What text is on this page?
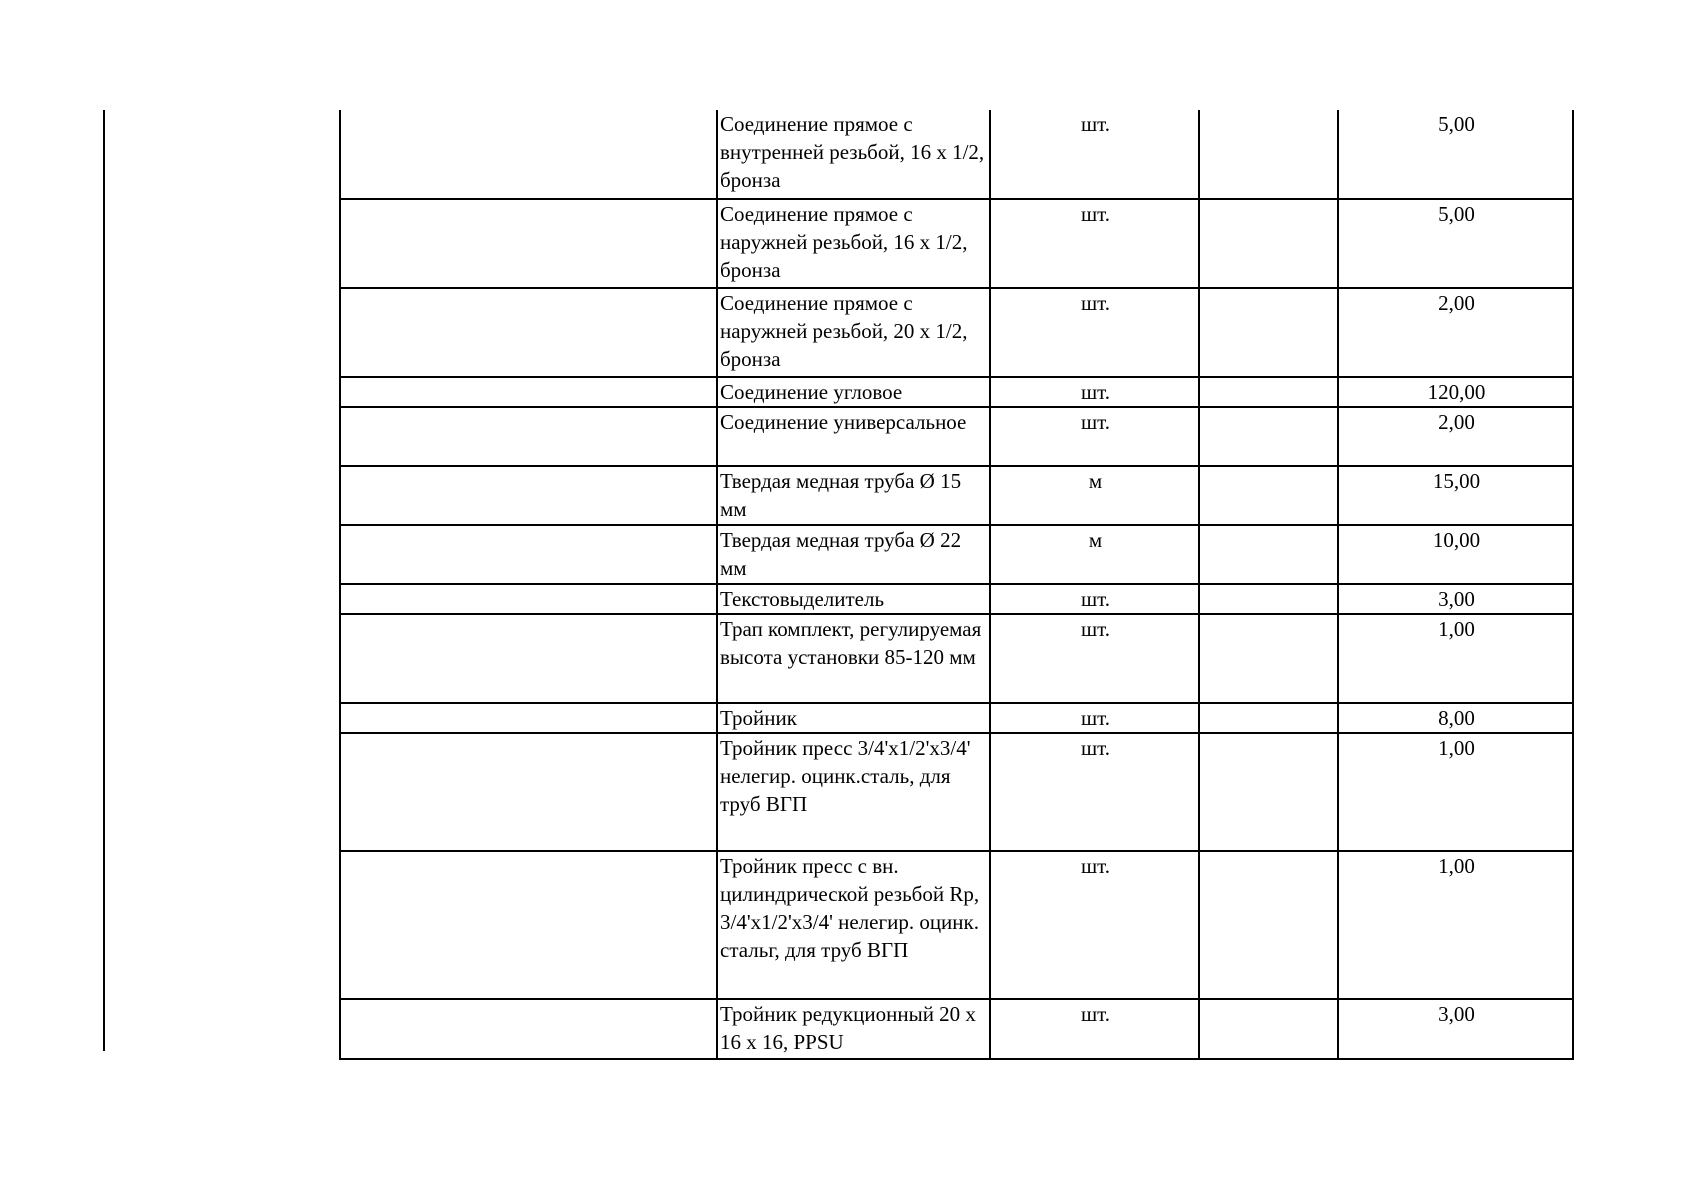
	Соединение прямое с внутренней резьбой, 16 х 1/2, бронза	шт.		5,00
	Соединение прямое с наружней резьбой, 16 х 1/2, бронза	шт.		5,00
	Соединение прямое с наружней резьбой, 20 х 1/2, бронза	шт.		2,00
	Соединение угловое	шт.		120,00
	Соединение универсальное	шт.		2,00
	Твердая медная труба Ø 15 мм	м		15,00
	Твердая медная труба Ø 22 мм	м		10,00
	Текстовыделитель	шт.		3,00
	Трап комплект, регулируемая высота установки 85-120 мм	шт.		1,00
	Тройник	шт.		8,00
	Тройник пресс 3/4'х1/2'х3/4' нелегир. оцинк.сталь, для труб ВГП	шт.		1,00
	Тройник пресс с вн. цилиндрической резьбой Rp, 3/4'х1/2'х3/4' нелегир. оцинк. стальг, для труб ВГП	шт.		1,00
	Тройник редукционный 20 х 16 х 16, PPSU	шт.		3,00
